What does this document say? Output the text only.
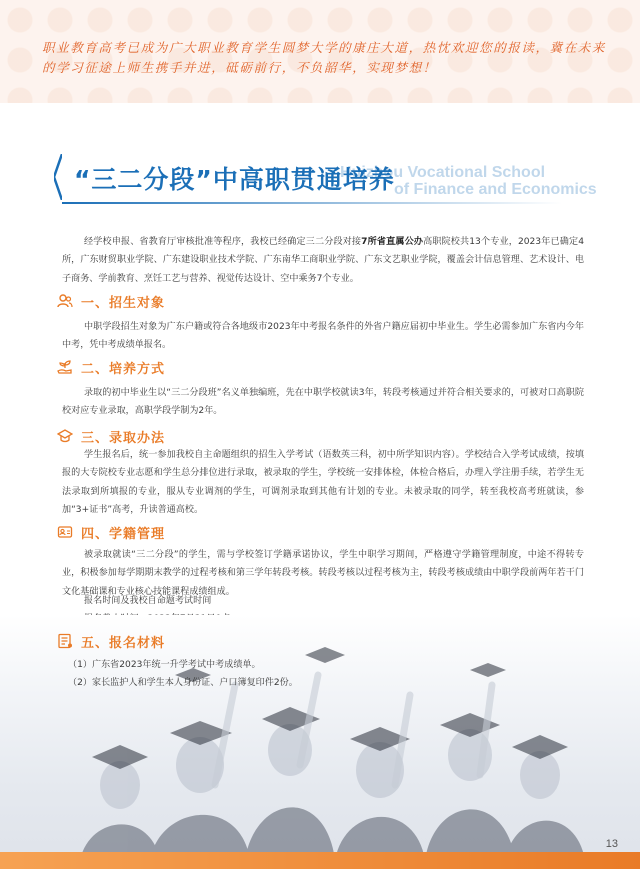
职业教育高考已成为广大职业教育学生圆梦大学的康庄大道，热忱欢迎您的报读，冀在未来的学习征途上师生携手并进，砥砺前行，不负韶华，实现梦想！
“三二分段”中高职贯通培养
Huizhou Vocational School
of Finance and Economics

经学校申报、省教育厅审核批准等程序，我校已经确定三二分段对接7所省直属公办高职院校共13个专业，2023年已确定4所，广东财贸职业学院、广东建设职业技术学院、广东南华工商职业学院、广东文艺职业学院，覆盖会计信息管理、艺术设计、电子商务、学前教育、烹饪工艺与营养、视觉传达设计、空中乘务7个专业。

一、招生对象

中职学段招生对象为广东户籍或符合各地级市2023年中考报名条件的外省户籍应届初中毕业生。学生必需参加广东省内今年中考，凭中考成绩单报名。

二、培养方式

录取的初中毕业生以“三二分段班”名义单独编班，先在中职学校就读3年，转段考核通过并符合相关要求的，可被对口高职院校对应专业录取，高职学段学制为2年。

三、录取办法

学生报名后，统一参加我校自主命题组织的招生入学考试（语数英三科，初中所学知识内容）。学校结合入学考试成绩，按填报的大专院校专业志愿和学生总分排位进行录取，被录取的学生，学校统一安排体检，体检合格后，办理入学注册手续，若学生无法录取到所填报的专业，服从专业调剂的学生，可调剂录取到其他有计划的专业。未被录取的同学，转至我校高考班就读，参加“3+证书”高考，升读普通高校。

四、学籍管理

被录取就读“三二分段”的学生，需与学校签订学籍承诺协议，学生中职学习期间，严格遵守学籍管理制度，中途不得转专业，积极参加每学期期末教学的过程考核和第三学年转段考核。转段考核以过程考核为主，转段考核成绩由中职学段前两年若干门文化基础课和专业核心技能课程成绩组成。

报名时间及我校自命题考试时间
五、报名材料
（1）广东省2023年统一升学考试中考成绩单。
（2）家长监护人和学生本人身份证、户口簿复印件2份。
13
